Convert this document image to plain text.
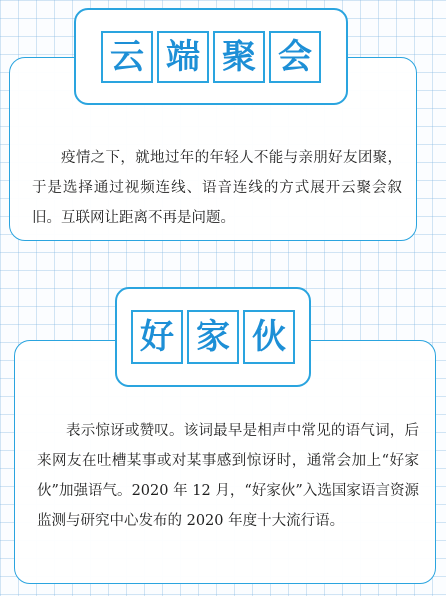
疫情之下，就地过年的年轻人不能与亲朋好友团聚，于是选择通过视频连线、语音连线的方式展开云聚会叙旧。互联网让距离不再是问题。

云 端 聚 会

表示惊讶或赞叹。该词最早是相声中常见的语气词，后来网友在吐槽某事或对某事感到惊讶时，通常会加上“好家伙”加强语气。2020 年 12 月，“好家伙”入选国家语言资源监测与研究中心发布的 2020 年度十大流行语。

好 家 伙
